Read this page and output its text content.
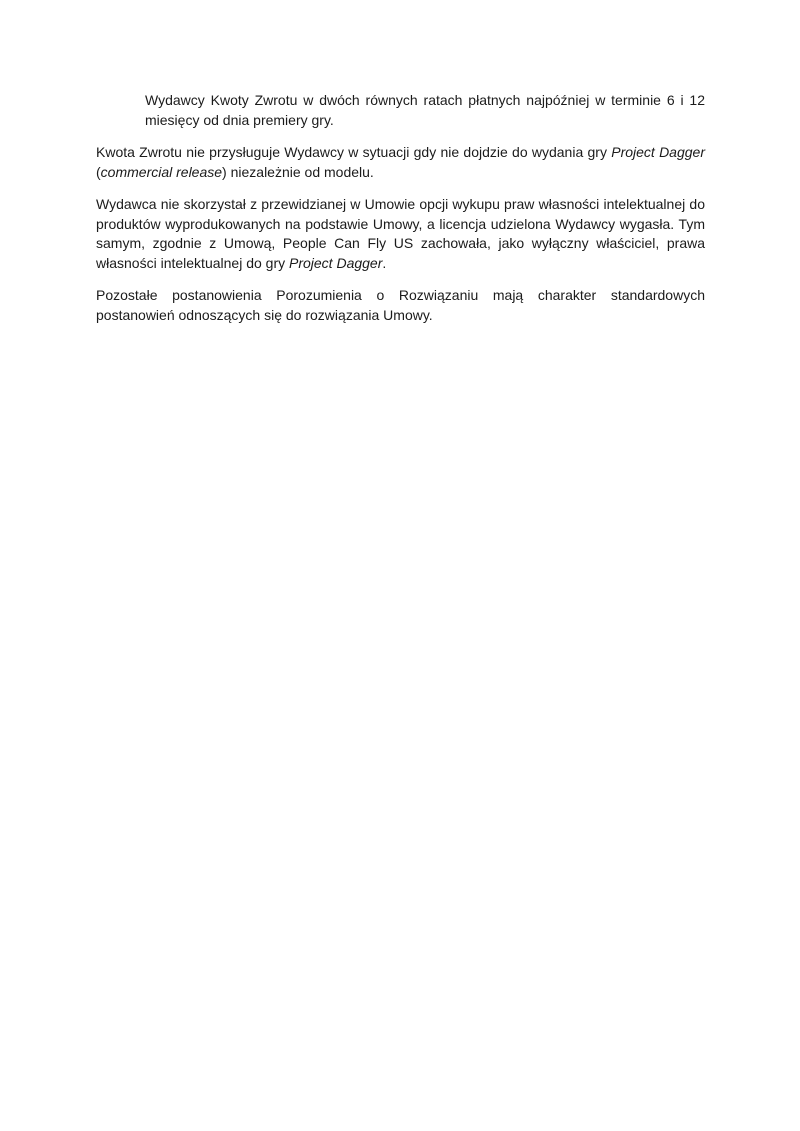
Wydawcy Kwoty Zwrotu w dwóch równych ratach płatnych najpóźniej w terminie 6 i 12 miesięcy od dnia premiery gry.

Kwota Zwrotu nie przysługuje Wydawcy w sytuacji gdy nie dojdzie do wydania gry Project Dagger (commercial release) niezależnie od modelu.

Wydawca nie skorzystał z przewidzianej w Umowie opcji wykupu praw własności intelektualnej do produktów wyprodukowanych na podstawie Umowy, a licencja udzielona Wydawcy wygasła. Tym samym, zgodnie z Umową, People Can Fly US zachowała, jako wyłączny właściciel, prawa własności intelektualnej do gry Project Dagger.

Pozostałe postanowienia Porozumienia o Rozwiązaniu mają charakter standardowych postanowień odnoszących się do rozwiązania Umowy.
